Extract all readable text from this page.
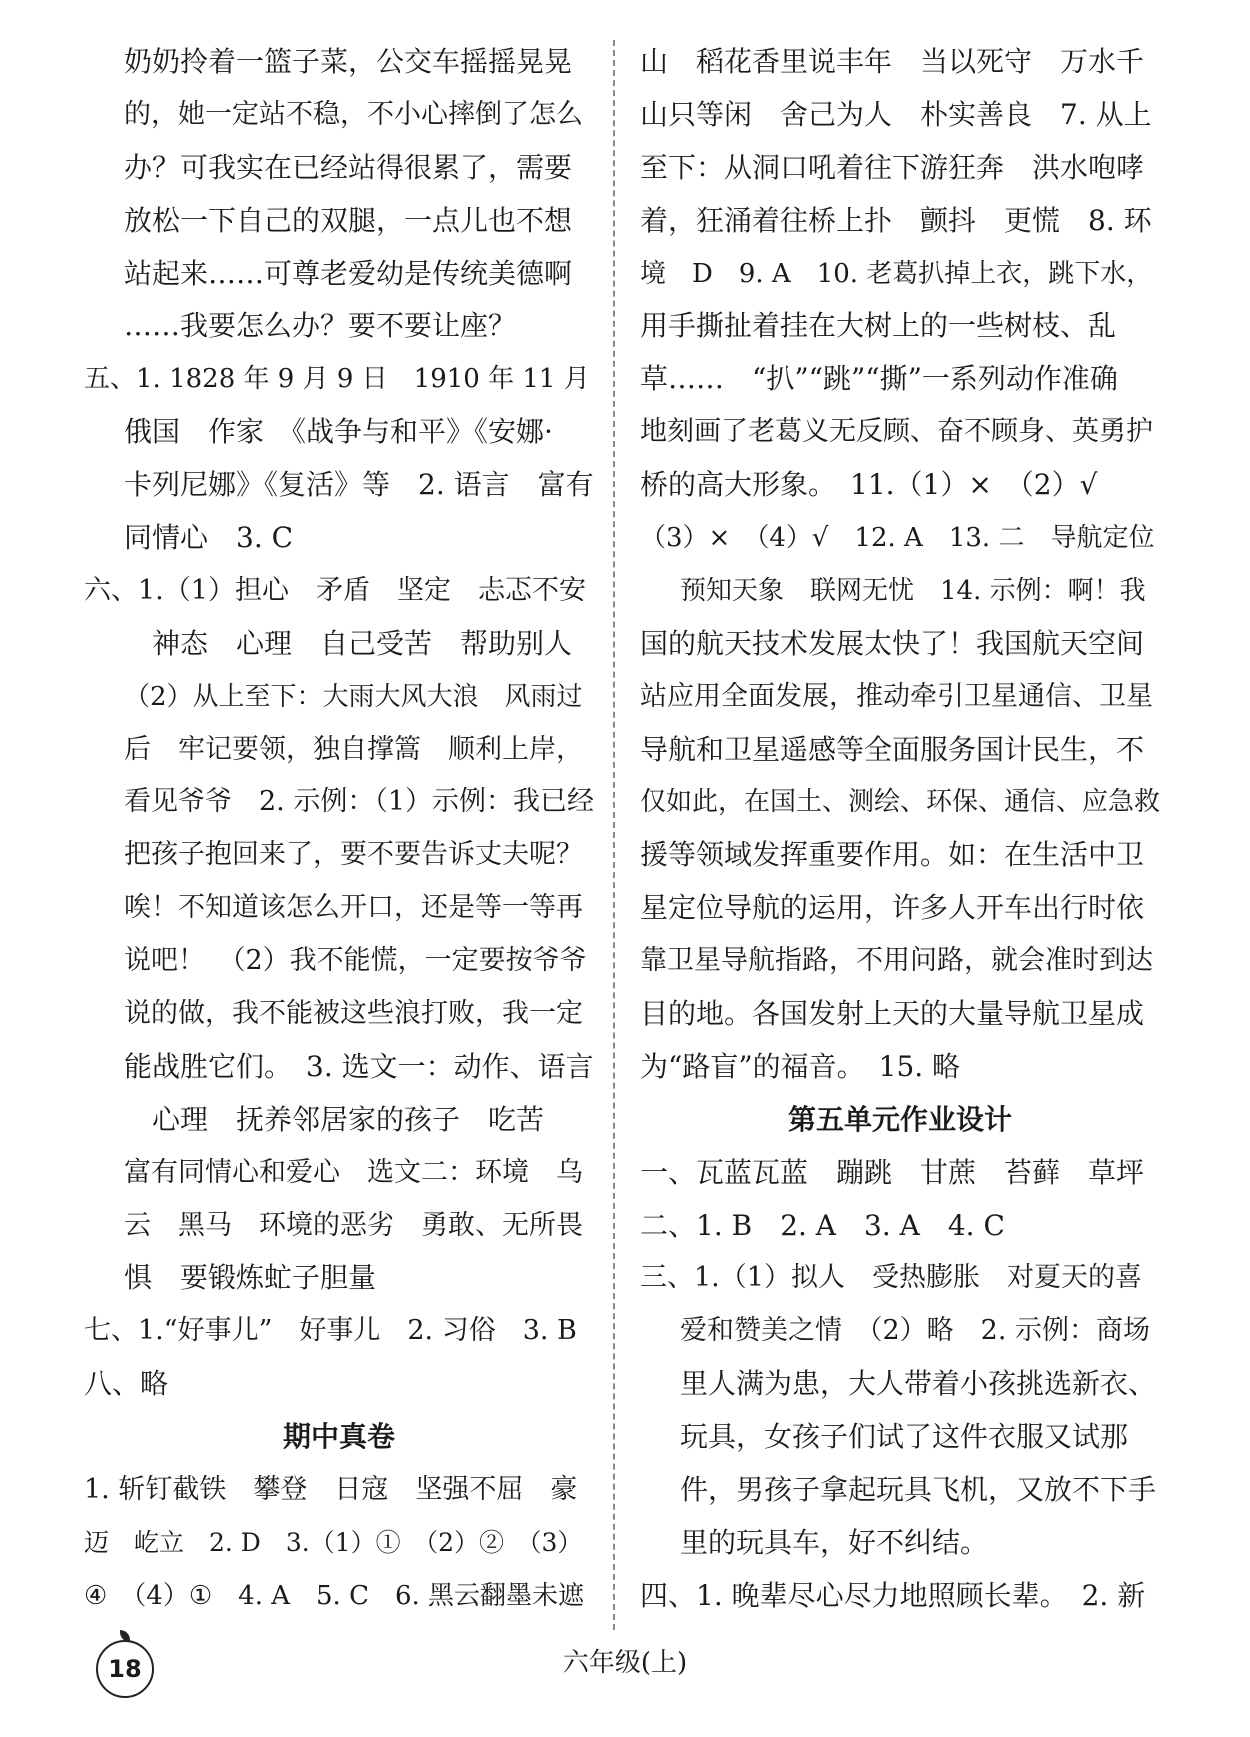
奶奶拎着一篮子菜，公交车摇摇晃晃
的，她一定站不稳，不小心摔倒了怎么
办？可我实在已经站得很累了，需要
放松一下自己的双腿，一点儿也不想
站起来……可尊老爱幼是传统美德啊
……我要怎么办？要不要让座？
五、1. 1828 年 9 月 9 日　1910 年 11 月
俄国　作家　《战争与和平》《安娜·
卡列尼娜》《复活》等　2. 语言　富有
同情心　3. C
六、1.（1）担心　矛盾　坚定　忐忑不安
神态　心理　自己受苦　帮助别人
（2）从上至下：大雨大风大浪　风雨过
后　牢记要领，独自撑篙　顺利上岸，
看见爷爷　2. 示例：（1）示例：我已经
把孩子抱回来了，要不要告诉丈夫呢？
唉！不知道该怎么开口，还是等一等再
说吧！　（2）我不能慌，一定要按爷爷
说的做，我不能被这些浪打败，我一定
能战胜它们。　3. 选文一：动作、语言
心理　抚养邻居家的孩子　吃苦
富有同情心和爱心　选文二：环境　乌
云　黑马　环境的恶劣　勇敢、无所畏
惧　要锻炼虻子胆量
七、1.“好事儿”　好事儿　2. 习俗　3. B
八、略
期中真卷
1. 斩钉截铁　攀登　日寇　坚强不屈　豪
迈　屹立　2. D　3.（1）①　（2）②　（3）
④　（4）①　4. A　5. C　6. 黑云翻墨未遮
山　稻花香里说丰年　当以死守　万水千
山只等闲　舍己为人　朴实善良　7. 从上
至下：从洞口吼着往下游狂奔　洪水咆哮
着，狂涌着往桥上扑　颤抖　更慌　8. 环
境　D　9. A　10. 老葛扒掉上衣，跳下水，
用手撕扯着挂在大树上的一些树枝、乱
草……　“扒”“跳”“撕”一系列动作准确
地刻画了老葛义无反顾、奋不顾身、英勇护
桥的高大形象。　11.（1）×　（2）√
（3）×　（4）√　12. A　13. 二　导航定位
预知天象　联网无忧　14. 示例：啊！我
国的航天技术发展太快了！我国航天空间
站应用全面发展，推动牵引卫星通信、卫星
导航和卫星遥感等全面服务国计民生，不
仅如此，在国土、测绘、环保、通信、应急救
援等领域发挥重要作用。如：在生活中卫
星定位导航的运用，许多人开车出行时依
靠卫星导航指路，不用问路，就会准时到达
目的地。各国发射上天的大量导航卫星成
为“路盲”的福音。　15. 略
第五单元作业设计
一、瓦蓝瓦蓝　蹦跳　甘蔗　苔藓　草坪
二、1. B　2. A　3. A　4. C
三、1.（1）拟人　受热膨胀　对夏天的喜
爱和赞美之情　（2）略　2. 示例：商场
里人满为患，大人带着小孩挑选新衣、
玩具，女孩子们试了这件衣服又试那
件，男孩子拿起玩具飞机，又放不下手
里的玩具车，好不纠结。
四、1. 晚辈尽心尽力地照顾长辈。　2. 新
18	六年级(上)
